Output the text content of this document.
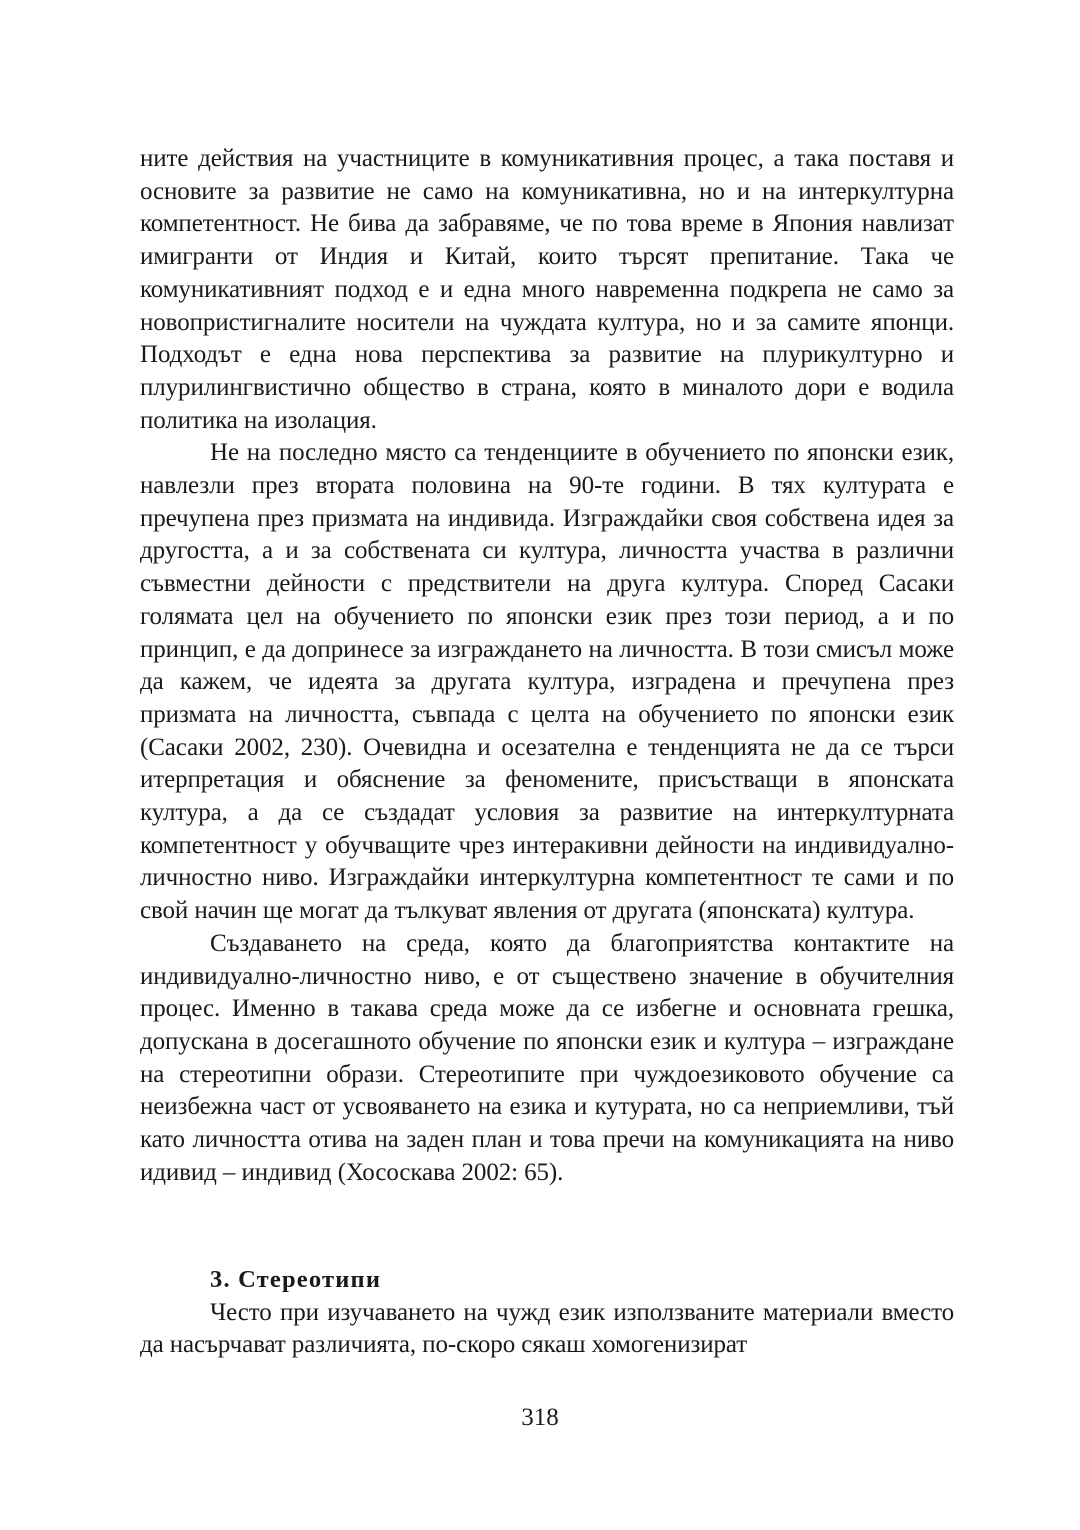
ните действия на участниците в комуникативния процес, а така поставя и основите за развитие не само на комуникативна, но и на интеркултурна компетентност. Не бива да забравяме, че по това време в Япония навлизат имигранти от Индия и Китай, които търсят препитание. Така че комуникативният подход е и една много навременна подкрепа не само за новопристигналите носители на чуждата култура, но и за самите японци. Подходът е една нова перспектива за развитие на плурикултурно и плурилингвистично общество в страна, която в миналото дори е водила политика на изолация.

Не на последно място са тенденциите в обучението по японски език, навлезли през втората половина на 90-те години. В тях културата е пречупена през призмата на индивида. Изграждайки своя собствена идея за другостта, а и за собствената си култура, личността участва в различни съвместни дейности с предствители на друга култура. Според Сасаки голямата цел на обучението по японски език през този период, а и по принцип, е да допринесе за изграждането на личността. В този смисъл може да кажем, че идеята за другата култура, изградена и пречупена през призмата на личността, съвпада с целта на обучението по японски език (Сасаки 2002, 230). Очевидна и осезателна е тенденцията не да се търси итерпретация и обяснение за феномените, присъстващи в японската култура, а да се създадат условия за развитие на интеркултурната компетентност у обучващите чрез интеракивни дейности на индивидуално-личностно ниво. Изграждайки интеркултурна компетентност те сами и по свой начин ще могат да тълкуват явления от другата (японската) култура.

Създаването на среда, която да благоприятства контактите на индивидуално-личностно ниво, е от съществено значение в обучителния процес. Именно в такава среда може да се избегне и основната грешка, допускана в досегашното обучение по японски език и култура – изграждане на стереотипни образи. Стереотипите при чуждоезиковото обучение са неизбежна част от усвояването на езика и кутурата, но са неприемливи, тъй като личността отива на заден план и това пречи на комуникацията на ниво идивид – индивид (Хососкава 2002: 65).

3. Стереотипи

Често при изучаването на чужд език използваните материали вместо да насърчават различията, по-скоро сякаш хомогенизират

318
